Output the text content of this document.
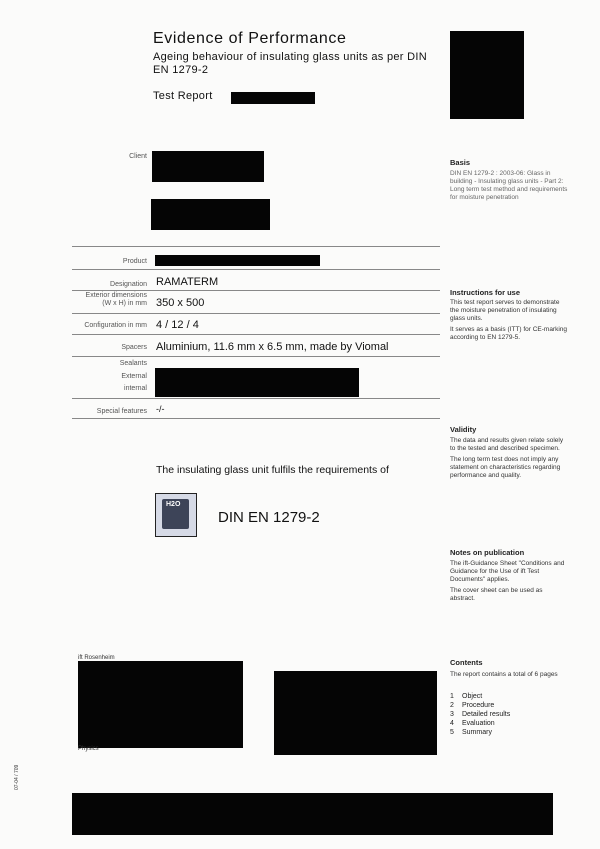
Evidence of Performance
Ageing behaviour of insulating glass units as per DIN EN 1279-2
Test Report
Client
Product
Designation RAMATERM
Exterior dimensions
(W x H) in mm 350 x 500
Configuration in mm 4 / 12 / 4
Spacers Aluminium, 11.6 mm x 6.5 mm, made by Viomal
Sealants
External
internal
Special features -/-
The insulating glass unit fulfils the requirements of
H2O
DIN EN 1279-2
Basis

DIN EN 1279-2 : 2003-06: Glass in building - Insulating glass units - Part 2: Long term test method and requirements for moisture penetration

Instructions for use

This test report serves to demonstrate the moisture penetration of insulating glass units.

It serves as a basis (ITT) for CE-marking according to EN 1279-5.

Validity

The data and results given relate solely to the tested and described specimen.

The long term test does not imply any statement on characteristics regarding performance and quality.

Notes on publication

The ift-Guidance Sheet "Conditions and Guidance for the Use of ift Test Documents" applies.

The cover sheet can be used as abstract.

Contents

The report contains a total of 6 pages

1 Object
2 Procedure
3 Detailed results
4 Evaluation
5 Summary
ift Rosenheim
Physics
07-04 / 709
